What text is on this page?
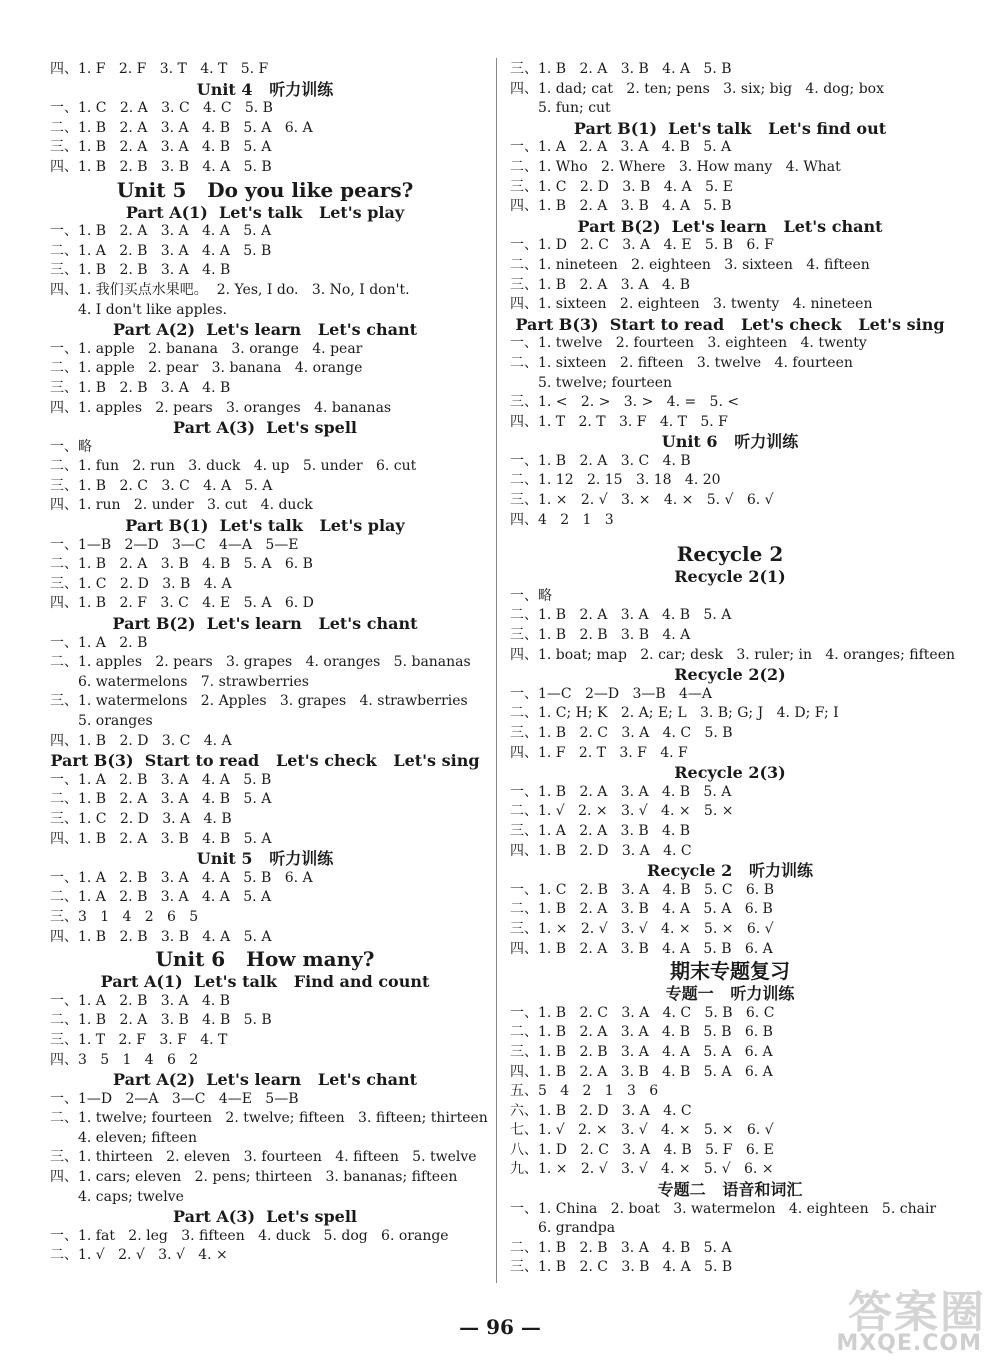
四、1. F   2. F   3. T   4. T   5. F
Unit 4   听力训练
一、1. C   2. A   3. C   4. C   5. B
二、1. B   2. A   3. A   4. B   5. A   6. A
三、1. B   2. A   3. A   4. B   5. A
四、1. B   2. B   3. B   4. A   5. B
Unit 5   Do you like pears?
Part A(1)  Let's talk   Let's play
一、1. B   2. A   3. A   4. A   5. A
二、1. A   2. B   3. A   4. A   5. B
三、1. B   2. B   3. A   4. B
四、1. 我们买点水果吧。  2. Yes, I do.   3. No, I don't.
4. I don't like apples.
Part A(2)  Let's learn   Let's chant
一、1. apple   2. banana   3. orange   4. pear
二、1. apple   2. pear   3. banana   4. orange
三、1. B   2. B   3. A   4. B
四、1. apples   2. pears   3. oranges   4. bananas
Part A(3)  Let's spell
一、略
二、1. fun   2. run   3. duck   4. up   5. under   6. cut
三、1. B   2. C   3. C   4. A   5. A
四、1. run   2. under   3. cut   4. duck
Part B(1)  Let's talk   Let's play
一、1—B   2—D   3—C   4—A   5—E
二、1. B   2. A   3. B   4. B   5. A   6. B
三、1. C   2. D   3. B   4. A
四、1. B   2. F   3. C   4. E   5. A   6. D
Part B(2)  Let's learn   Let's chant
一、1. A   2. B
二、1. apples   2. pears   3. grapes   4. oranges   5. bananas
6. watermelons   7. strawberries
三、1. watermelons   2. Apples   3. grapes   4. strawberries
5. oranges
四、1. B   2. D   3. C   4. A
Part B(3)  Start to read   Let's check   Let's sing
一、1. A   2. B   3. A   4. A   5. B
二、1. B   2. A   3. A   4. B   5. A
三、1. C   2. D   3. A   4. B
四、1. B   2. A   3. B   4. B   5. A
Unit 5   听力训练
一、1. A   2. B   3. A   4. A   5. B   6. A
二、1. A   2. B   3. A   4. A   5. A
三、3   1   4   2   6   5
四、1. B   2. B   3. B   4. A   5. A
Unit 6   How many?
Part A(1)  Let's talk   Find and count
一、1. A   2. B   3. A   4. B
二、1. B   2. A   3. B   4. B   5. B
三、1. T   2. F   3. F   4. T
四、3   5   1   4   6   2
Part A(2)  Let's learn   Let's chant
一、1—D   2—A   3—C   4—E   5—B
二、1. twelve; fourteen   2. twelve; fifteen   3. fifteen; thirteen
4. eleven; fifteen
三、1. thirteen   2. eleven   3. fourteen   4. fifteen   5. twelve
四、1. cars; eleven   2. pens; thirteen   3. bananas; fifteen
4. caps; twelve
Part A(3)  Let's spell
一、1. fat   2. leg   3. fifteen   4. duck   5. dog   6. orange
二、1. √   2. √   3. √   4. ×
三、1. B   2. A   3. B   4. A   5. B
四、1. dad; cat   2. ten; pens   3. six; big   4. dog; box
5. fun; cut
Part B(1)  Let's talk   Let's find out
一、1. A   2. A   3. A   4. B   5. A
二、1. Who   2. Where   3. How many   4. What
三、1. C   2. D   3. B   4. A   5. E
四、1. B   2. A   3. B   4. A   5. B
Part B(2)  Let's learn   Let's chant
一、1. D   2. C   3. A   4. E   5. B   6. F
二、1. nineteen   2. eighteen   3. sixteen   4. fifteen
三、1. B   2. A   3. A   4. B
四、1. sixteen   2. eighteen   3. twenty   4. nineteen
Part B(3)  Start to read   Let's check   Let's sing
一、1. twelve   2. fourteen   3. eighteen   4. twenty
二、1. sixteen   2. fifteen   3. twelve   4. fourteen
5. twelve; fourteen
三、1. <   2. >   3. >   4. =   5. <
四、1. T   2. T   3. F   4. T   5. F
Unit 6   听力训练
一、1. B   2. A   3. C   4. B
二、1. 12   2. 15   3. 18   4. 20
三、1. ×   2. √   3. ×   4. ×   5. √   6. √
四、4   2   1   3
Recycle 2
Recycle 2(1)
一、略
二、1. B   2. A   3. A   4. B   5. A
三、1. B   2. B   3. B   4. A
四、1. boat; map   2. car; desk   3. ruler; in   4. oranges; fifteen
Recycle 2(2)
一、1—C   2—D   3—B   4—A
二、1. C; H; K   2. A; E; L   3. B; G; J   4. D; F; I
三、1. B   2. C   3. A   4. C   5. B
四、1. F   2. T   3. F   4. F
Recycle 2(3)
一、1. B   2. A   3. A   4. B   5. A
二、1. √   2. ×   3. √   4. ×   5. ×
三、1. A   2. A   3. B   4. B
四、1. B   2. D   3. A   4. C
Recycle 2   听力训练
一、1. C   2. B   3. A   4. B   5. C   6. B
二、1. B   2. A   3. B   4. A   5. A   6. B
三、1. ×   2. √   3. √   4. ×   5. ×   6. √
四、1. B   2. A   3. B   4. A   5. B   6. A
期末专题复习
专题一   听力训练
一、1. B   2. C   3. A   4. C   5. B   6. C
二、1. B   2. A   3. A   4. B   5. B   6. B
三、1. B   2. B   3. A   4. A   5. A   6. A
四、1. B   2. A   3. B   4. B   5. A   6. A
五、5   4   2   1   3   6
六、1. B   2. D   3. A   4. C
七、1. √   2. ×   3. √   4. ×   5. ×   6. √
八、1. D   2. C   3. A   4. B   5. F   6. E
九、1. ×   2. √   3. √   4. ×   5. √   6. ×
专题二   语音和词汇
一、1. China   2. boat   3. watermelon   4. eighteen   5. chair
6. grandpa
二、1. B   2. B   3. A   4. B   5. A
三、1. B   2. C   3. B   4. A   5. B
— 96 —	答案圈
MXQE.COM
